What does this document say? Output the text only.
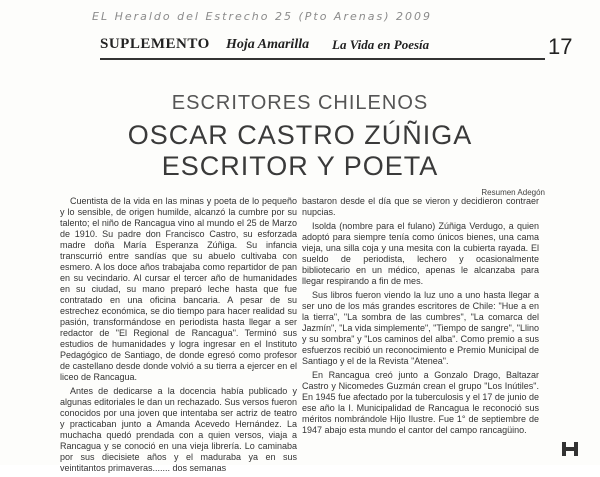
EL Heraldo del Estrecho 25 (Pto Arenas) 2009
SUPLEMENTO Hoja Amarilla La Vida en Poesía	17
ESCRITORES CHILENOS
OSCAR CASTRO ZÚÑIGA
ESCRITOR Y POETA
Resumen Adegón

Cuentista de la vida en las minas y poeta de lo pequeño y lo sensible, de origen humilde, alcanzó la cumbre por su talento; el niño de Rancagua vino al mundo el 25 de Marzo de 1910. Su padre don Francisco Castro, su esforzada madre doña María Esperanza Zúñiga. Su infancia transcurrió entre sandías que su abuelo cultivaba con esmero. A los doce años trabajaba como repartidor de pan en su vecindario. Al cursar el tercer año de humanidades en su ciudad, su mano preparó leche hasta que fue contratado en una oficina bancaria. A pesar de su estrechez económica, se dio tiempo para hacer realidad su pasión, transformándose en periodista hasta llegar a ser redactor de "El Regional de Rancagua". Terminó sus estudios de humanidades y logra ingresar en el Instituto Pedagógico de Santiago, de donde egresó como profesor de castellano desde donde volvió a su tierra a ejercer en el liceo de Rancagua.

Antes de dedicarse a la docencia había publicado y algunas editoriales le dan un rechazado. Sus versos fueron conocidos por una joven que intentaba ser actriz de teatro y practicaban junto a Amanda Acevedo Hernández. La muchacha quedó prendada con a quien versos, viaja a Rancagua y se conoció en una vieja librería. Lo caminaba por sus diecisiete años y el maduraba ya en sus veintitantos primaveras....... dos semanas

bastaron desde el día que se vieron y decidieron contraer nupcias.

Isolda (nombre para el fulano) Zúñiga Verdugo, a quien adoptó para siempre tenía como únicos bienes, una cama vieja, una silla coja y una mesita con la cubierta rayada. El sueldo de periodista, lechero y ocasionalmente bibliotecario en un médico, apenas le alcanzaba para llegar respirando a fin de mes.

Sus libros fueron viendo la luz uno a uno hasta llegar a ser uno de los más grandes escritores de Chile: "Hue a en la tierra", "La sombra de las cumbres", "La comarca del Jazmín", "La vida simplemente", "Tiempo de sangre", "Llino y su sombra" y "Los caminos del alba". Como premio a sus esfuerzos recibió un reconocimiento e Premio Municipal de Santiago y el de la Revista "Atenea".

En Rancagua creó junto a Gonzalo Drago, Baltazar Castro y Nicomedes Guzmán crean el grupo "Los Inútiles". En 1945 fue afectado por la tuberculosis y el 17 de junio de ese año la I. Municipalidad de Rancagua le reconoció sus méritos nombrándole Hijo Ilustre. Fue 1° de septiembre de 1947 abajo esta mundo el cantor del campo rancagüino.
